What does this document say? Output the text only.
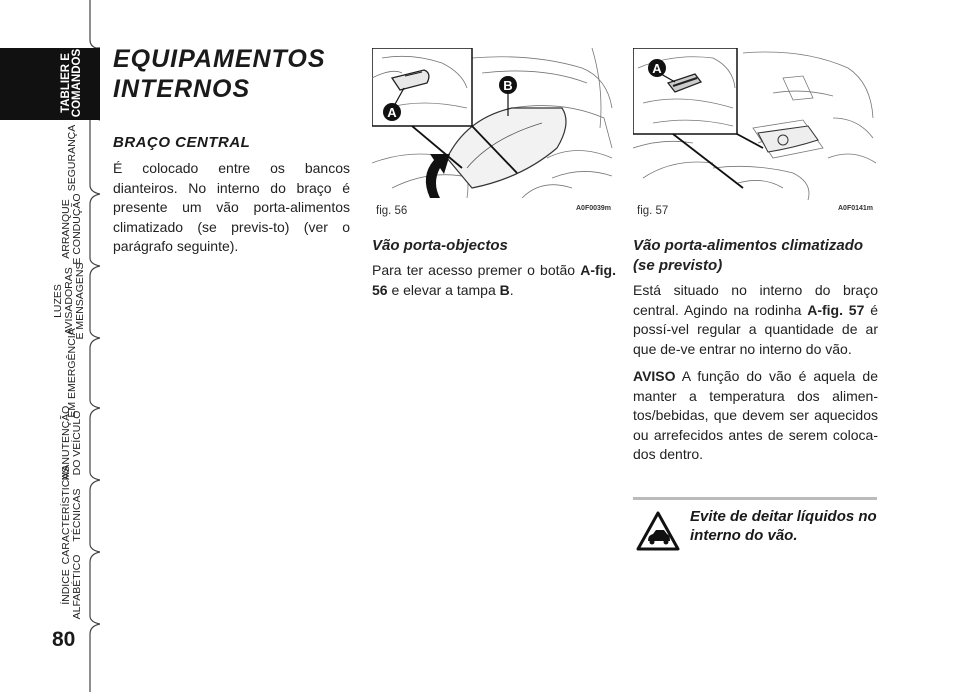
TABLIER E
COMANDOS
SEGURANÇA
ARRANQUE
E CONDUÇÃO
LUZES
AVISADORAS
E MENSAGENS
EM EMERGÊNCIA
MANUTENÇÃO
DO VEÍCULO
CARACTERÍSTICAS
TÉCNICAS
ÍNDICE
ALFABÉTICO
80
EQUIPAMENTOS
INTERNOS
BRAÇO CENTRAL
É colocado entre os bancos dianteiros. No interno do braço é presente um vão porta-alimentos climatizado (se previs-to) (ver o parágrafo seguinte).
B
A
fig. 56	A0F0039m
A
fig. 57	A0F0141m
Vão porta-objectos

Para ter acesso premer o botão A-fig. 56 e elevar a tampa B.

Vão porta-alimentos climatizado (se previsto)

Está situado no interno do braço central. Agindo na rodinha A-fig. 57 é possí-vel regular a quantidade de ar que de-ve entrar no interno do vão.

AVISO A função do vão é aquela de manter a temperatura dos alimen-tos/bebidas, que devem ser aquecidos ou arrefecidos antes de serem coloca-dos dentro.

Evite de deitar líquidos no interno do vão.
